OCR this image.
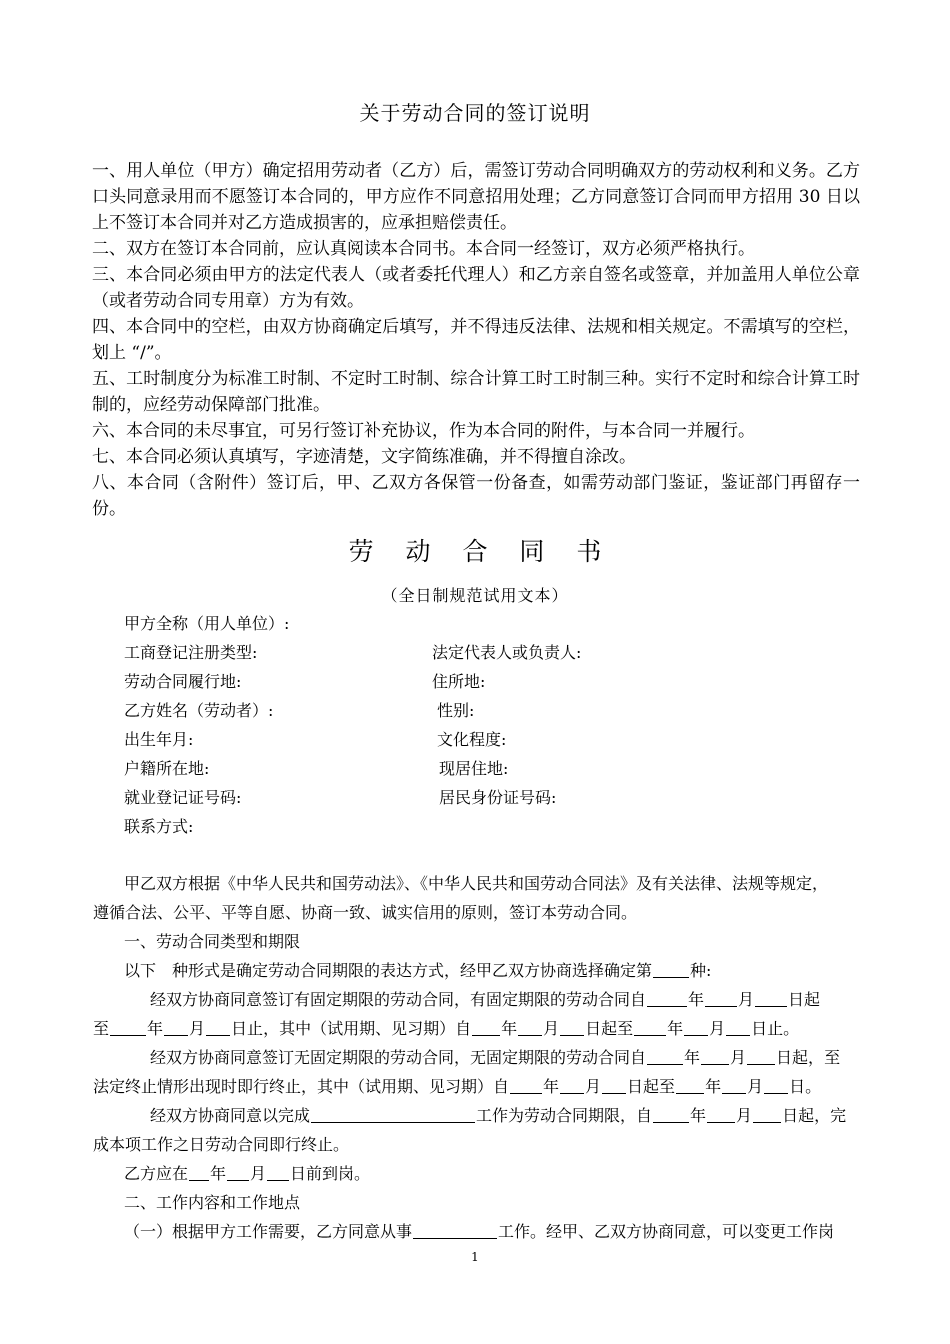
关于劳动合同的签订说明

一、用人单位（甲方）确定招用劳动者（乙方）后，需签订劳动合同明确双方的劳动权利和义务。乙方口头同意录用而不愿签订本合同的，甲方应作不同意招用处理；乙方同意签订合同而甲方招用 30 日以上不签订本合同并对乙方造成损害的，应承担赔偿责任。

二、双方在签订本合同前，应认真阅读本合同书。本合同一经签订，双方必须严格执行。

三、本合同必须由甲方的法定代表人（或者委托代理人）和乙方亲自签名或签章，并加盖用人单位公章（或者劳动合同专用章）方为有效。

四、本合同中的空栏，由双方协商确定后填写，并不得违反法律、法规和相关规定。不需填写的空栏，划上 “/”。

五、工时制度分为标准工时制、不定时工时制、综合计算工时工时制三种。实行不定时和综合计算工时制的，应经劳动保障部门批准。

六、本合同的未尽事宜，可另行签订补充协议，作为本合同的附件，与本合同一并履行。

七、本合同必须认真填写，字迹清楚，文字简练准确，并不得擅自涂改。

八、本合同（含附件）签订后，甲、乙双方各保管一份备查，如需劳动部门鉴证，鉴证部门再留存一份。

劳 动 合 同 书
（全日制规范试用文本）
甲方全称（用人单位）:
工商登记注册类型:	法定代表人或负责人:
劳动合同履行地:	住所地:
乙方姓名（劳动者）:	性别:
出生年月:	文化程度:
户籍所在地:	现居住地:
就业登记证号码:	居民身份证号码:
联系方式:
甲乙双方根据《中华人民共和国劳动法》、《中华人民共和国劳动合同法》及有关法律、法规等规定，
遵循合法、公平、平等自愿、协商一致、诚实信用的原则，签订本劳动合同。
一、劳动合同类型和期限
以下　种形式是确定劳动合同期限的表达方式，经甲乙双方协商选择确定第 种:
经双方协商同意签订有固定期限的劳动合同，有固定期限的劳动合同自	年 月 日起
至 年 月 日止，其中（试用期、见习期）自 年 月 日起至 年 月 日止。
经双方协商同意签订无固定期限的劳动合同，无固定期限的劳动合同自 年 月 日起，至
法定终止情形出现时即行终止，其中（试用期、见习期）自 年 月 日起至 年 月 日。
经双方协商同意以完成	工作为劳动合同期限，自 年 月 日起，完
成本项工作之日劳动合同即行终止。
乙方应在 年 月 日前到岗。
二、工作内容和工作地点
（一）根据甲方工作需要，乙方同意从事	工作。经甲、乙双方协商同意，可以变更工作岗
1
